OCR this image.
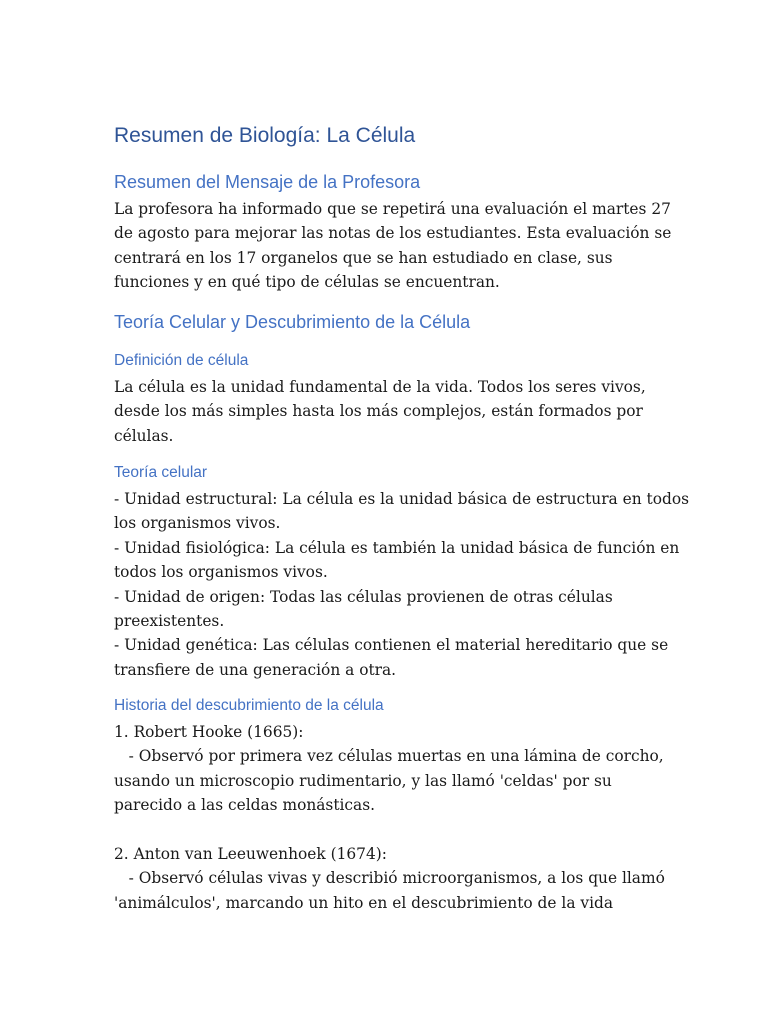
Resumen de Biología: La Célula
Resumen del Mensaje de la Profesora
La profesora ha informado que se repetirá una evaluación el martes 27
de agosto para mejorar las notas de los estudiantes. Esta evaluación se
centrará en los 17 organelos que se han estudiado en clase, sus
funciones y en qué tipo de células se encuentran.
Teoría Celular y Descubrimiento de la Célula
Definición de célula
La célula es la unidad fundamental de la vida. Todos los seres vivos,
desde los más simples hasta los más complejos, están formados por
células.
Teoría celular
- Unidad estructural: La célula es la unidad básica de estructura en todos
los organismos vivos.
- Unidad fisiológica: La célula es también la unidad básica de función en
todos los organismos vivos.
- Unidad de origen: Todas las células provienen de otras células
preexistentes.
- Unidad genética: Las células contienen el material hereditario que se
transfiere de una generación a otra.
Historia del descubrimiento de la célula
1. Robert Hooke (1665):
- Observó por primera vez células muertas en una lámina de corcho,
usando un microscopio rudimentario, y las llamó 'celdas' por su
parecido a las celdas monásticas.
2. Anton van Leeuwenhoek (1674):
- Observó células vivas y describió microorganismos, a los que llamó
'animálculos', marcando un hito en el descubrimiento de la vida
